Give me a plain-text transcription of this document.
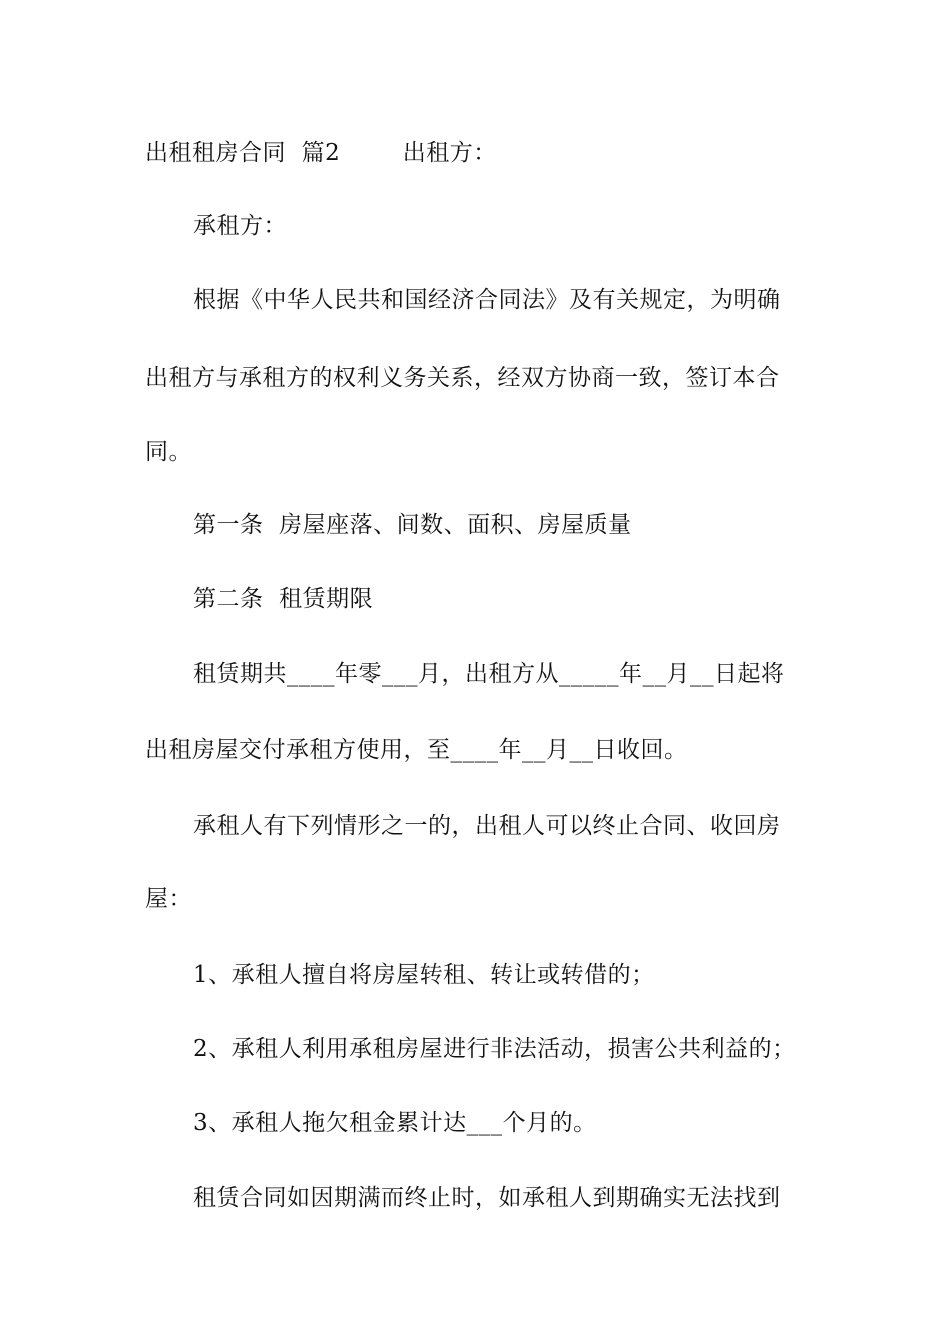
出租租房合同  篇2        出租方：
承租方：
根据《中华人民共和国经济合同法》及有关规定，为明确
出租方与承租方的权利义务关系，经双方协商一致，签订本合
同。
第一条  房屋座落、间数、面积、房屋质量
第二条  租赁期限
租赁期共____年零___月，出租方从_____年__月__日起将
出租房屋交付承租方使用，至____年__月__日收回。
承租人有下列情形之一的，出租人可以终止合同、收回房
屋：
1、承租人擅自将房屋转租、转让或转借的；
2、承租人利用承租房屋进行非法活动，损害公共利益的；
3、承租人拖欠租金累计达___个月的。
租赁合同如因期满而终止时，如承租人到期确实无法找到
